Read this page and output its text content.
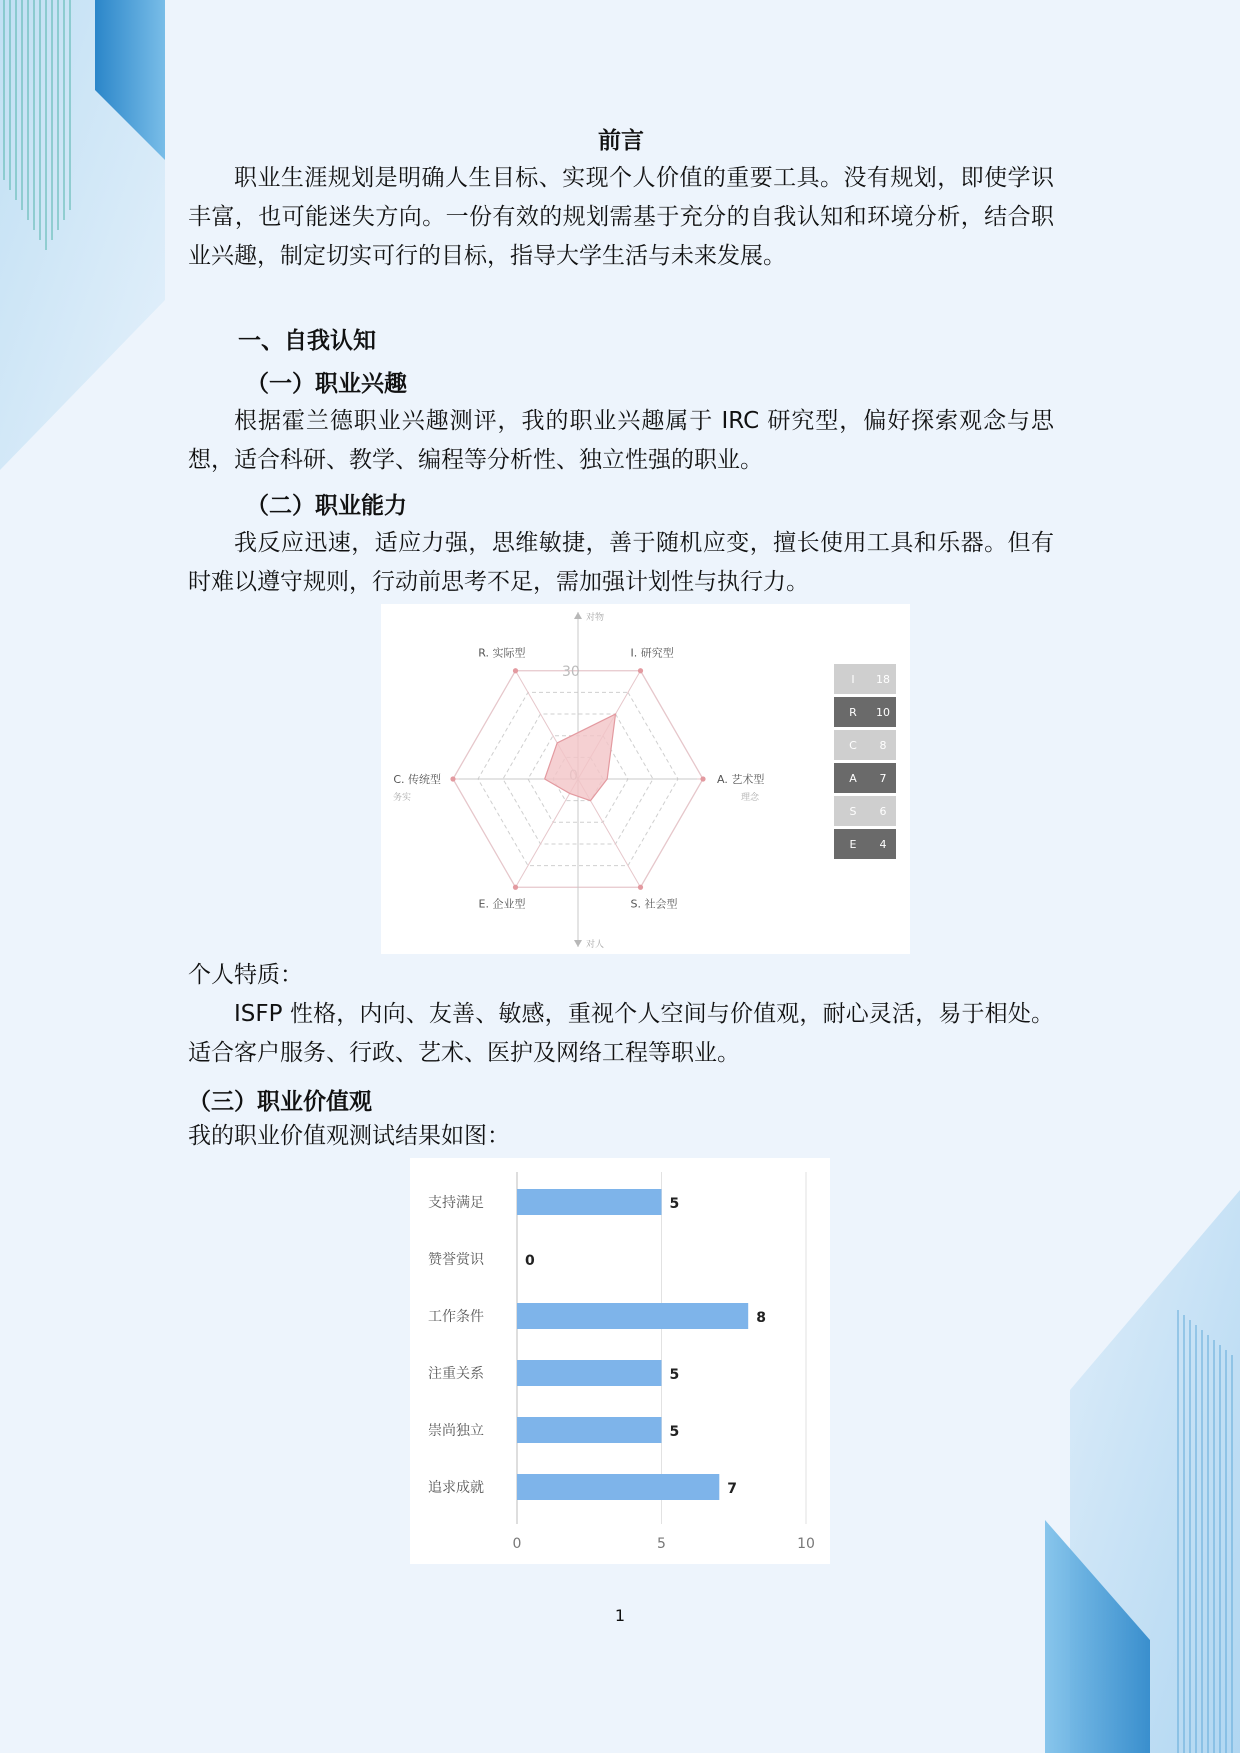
前言

职业生涯规划是明确人生目标、实现个人价值的重要工具。没有规划，即使学识丰富，也可能迷失方向。一份有效的规划需基于充分的自我认知和环境分析，结合职业兴趣，制定切实可行的目标，指导大学生活与未来发展。

一、自我认知
（一）职业兴趣

根据霍兰德职业兴趣测评，我的职业兴趣属于 IRC 研究型，偏好探索观念与思想，适合科研、教学、编程等分析性、独立性强的职业。

（二）职业能力

我反应迅速，适应力强，思维敏捷，善于随机应变，擅长使用工具和乐器。但有时难以遵守规则，行动前思考不足，需加强计划性与执行力。

个人特质：

ISFP 性格，内向、友善、敏感，重视个人空间与价值观，耐心灵活，易于相处。适合客户服务、行政、艺术、医护及网络工程等职业。

（三）职业价值观

我的职业价值观测试结果如图：

对物
对人
务实	理念
30
I. 研究型
A. 艺术型
S. 社会型
E. 企业型
C. 传统型
R. 实际型
I 18
R 10
C 8
A 7
S 6
E 4
0	5	10
支持满足	5
赞誉赏识	0
工作条件	8
注重关系	5
崇尚独立	5
追求成就	7

1
